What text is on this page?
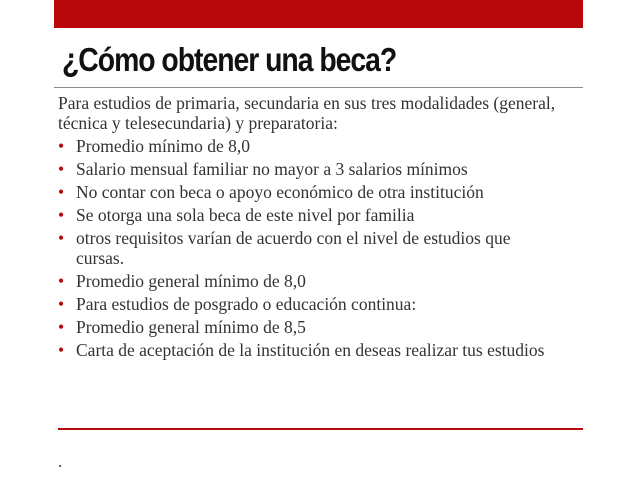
¿Cómo obtener una beca?

Para estudios de primaria, secundaria en sus tres modalidades (general, técnica y telesecundaria) y preparatoria:

• Promedio mínimo de 8,0
• Salario mensual familiar no mayor a 3 salarios mínimos
• No contar con beca o apoyo económico de otra institución
• Se otorga una sola beca de este nivel por familia
• otros requisitos varían de acuerdo con el nivel de estudios que cursas.
• Promedio general mínimo de 8,0
• Para estudios de posgrado o educación continua:
• Promedio general mínimo de 8,5
• Carta de aceptación de la institución en deseas realizar tus estudios
.
